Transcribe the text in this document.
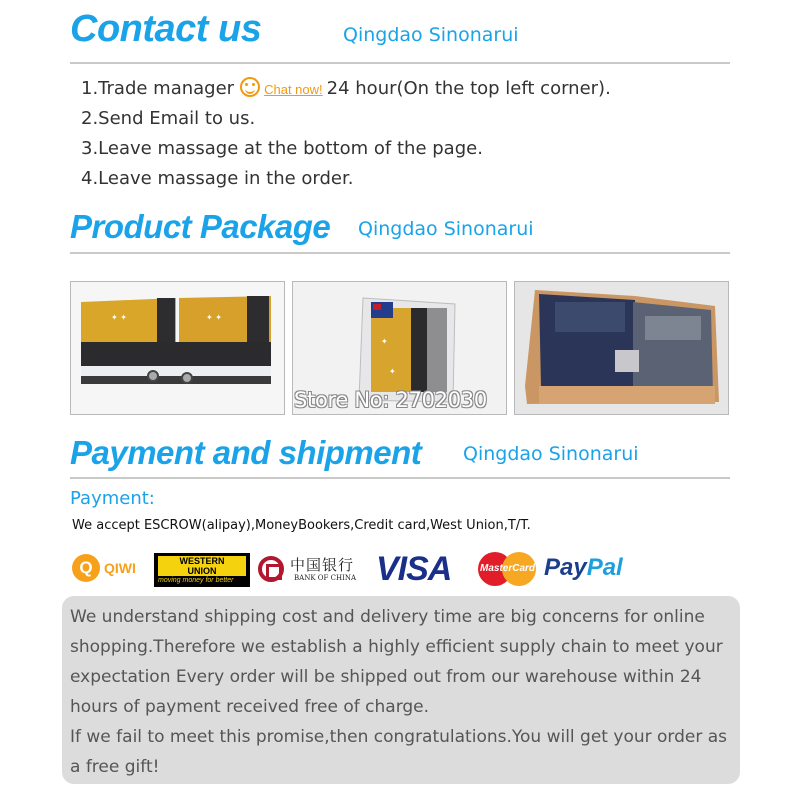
Contact us	Qingdao Sinonarui
1.Trade manager Chat now! 24 hour(On the top left corner).
2.Send Email to us.
3.Leave massage at the bottom of the page.
4.Leave massage in the order.
Product Package Qingdao Sinonarui
✦ ✦	✦ ✦
✦
✦
Store No: 2702030
Payment and shipment Qingdao Sinonarui
Payment:
We accept ESCROW(alipay),MoneyBookers,Credit card,West Union,T/T.
Q QIWI	WESTERN
UNION
moving money for better
中国银行
BANK OF CHINA VISA	MasterCard PayPal

We understand shipping cost and delivery time are big concerns for online shopping.Therefore we establish a highly efficient supply chain to meet your expectation Every order will be shipped out from our warehouse within 24 hours of payment received free of charge.

If we fail to meet this promise,then congratulations.You will get your order as a free gift!
